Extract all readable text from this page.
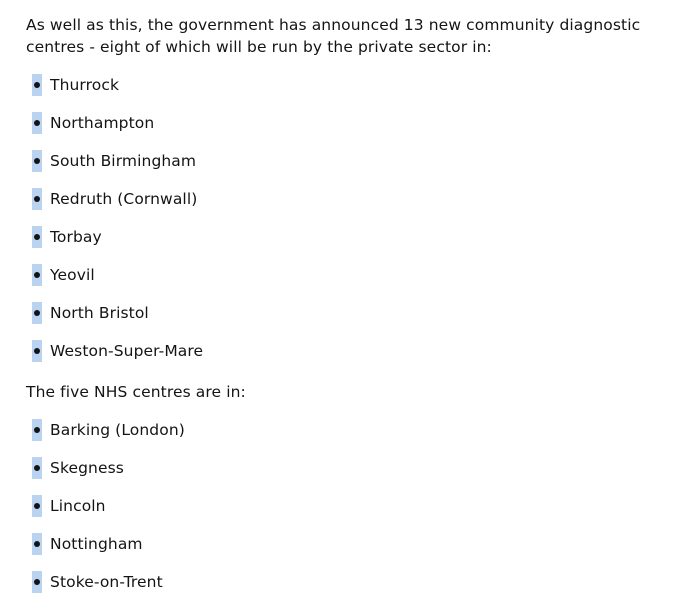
As well as this, the government has announced 13 new community diagnostic centres - eight of which will be run by the private sector in:

Thurrock
Northampton
South Birmingham
Redruth (Cornwall)
Torbay
Yeovil
North Bristol
Weston-Super-Mare

The five NHS centres are in:

Barking (London)
Skegness
Lincoln
Nottingham
Stoke-on-Trent
